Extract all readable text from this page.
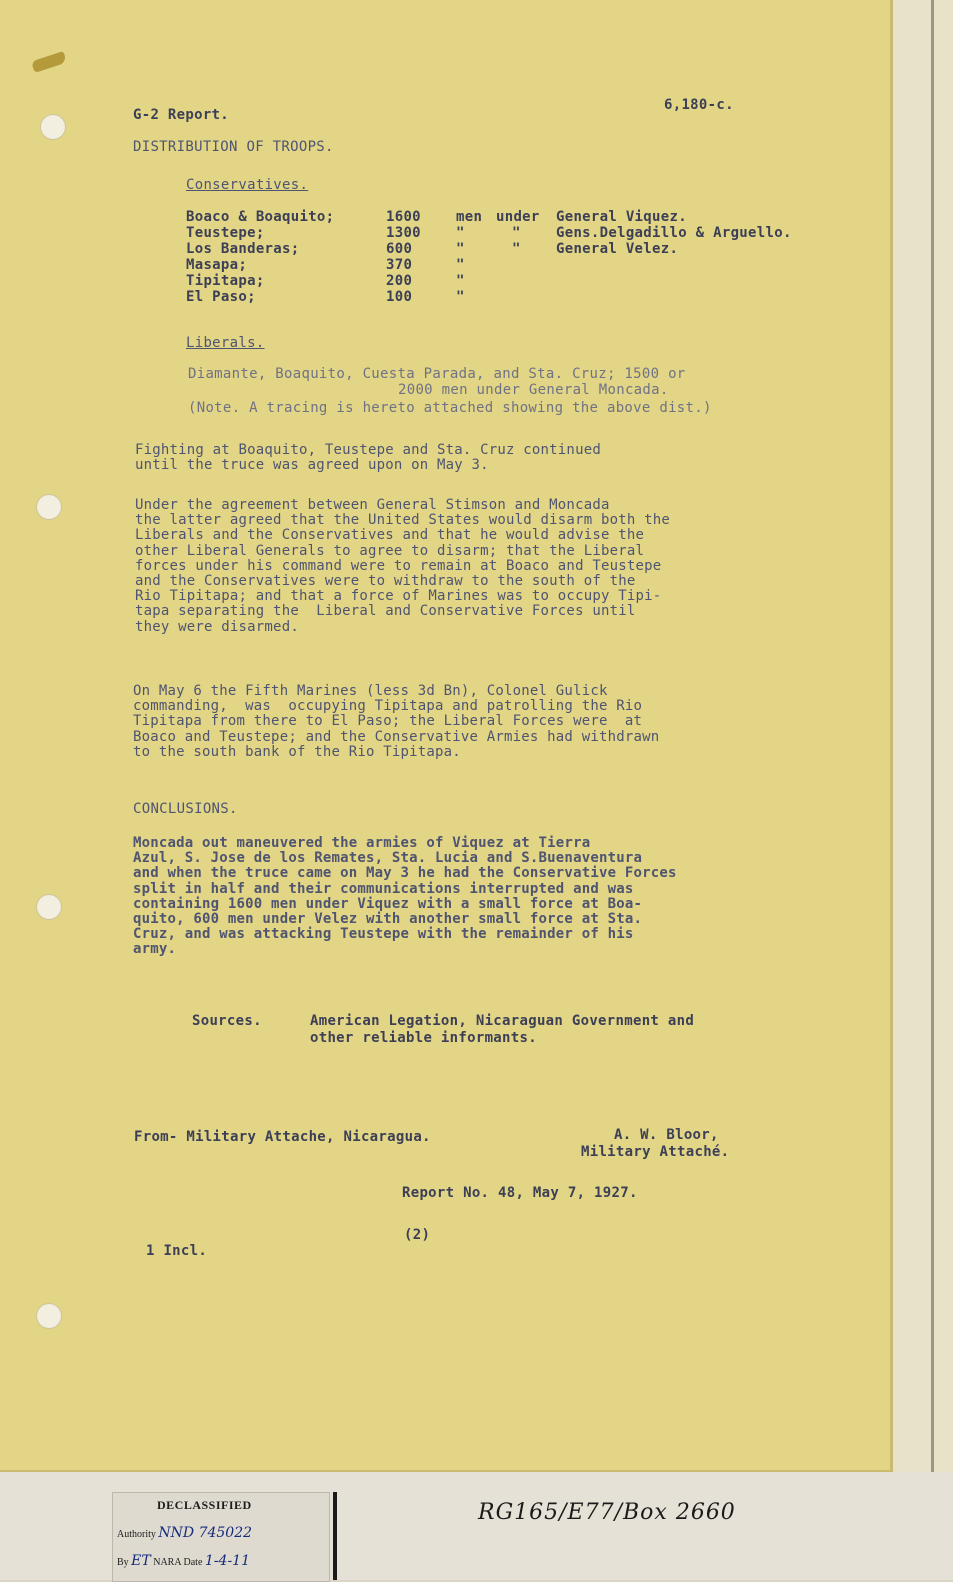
G-2 Report.
6,180-c.
DISTRIBUTION OF TROOPS.
Conservatives.
Boaco & Boaquito;	1600	men under General Viquez.
Teustepe;	1300	"	"	Gens.Delgadillo & Arguello.
Los Banderas;	600	"	"	General Velez.
Masapa;	370	"
Tipitapa;	200	"
El Paso;	100	"
Liberals.
Diamante, Boaquito, Cuesta Parada, and Sta. Cruz; 1500 or
2000 men under General Moncada.
(Note. A tracing is hereto attached showing the above dist.)
Fighting at Boaquito, Teustepe and Sta. Cruz continued
until the truce was agreed upon on May 3.
Under the agreement between General Stimson and Moncada
the latter agreed that the United States would disarm both the
Liberals and the Conservatives and that he would advise the
other Liberal Generals to agree to disarm; that the Liberal
forces under his command were to remain at Boaco and Teustepe
and the Conservatives were to withdraw to the south of the
Rio Tipitapa; and that a force of Marines was to occupy Tipi-
tapa separating the  Liberal and Conservative Forces until
they were disarmed.
On May 6 the Fifth Marines (less 3d Bn), Colonel Gulick
commanding,  was  occupying Tipitapa and patrolling the Rio
Tipitapa from there to El Paso; the Liberal Forces were  at
Boaco and Teustepe; and the Conservative Armies had withdrawn
to the south bank of the Rio Tipitapa.
CONCLUSIONS.
Moncada out maneuvered the armies of Viquez at Tierra
Azul, S. Jose de los Remates, Sta. Lucia and S.Buenaventura
and when the truce came on May 3 he had the Conservative Forces
split in half and their communications interrupted and was
containing 1600 men under Viquez with a small force at Boa-
quito, 600 men under Velez with another small force at Sta.
Cruz, and was attacking Teustepe with the remainder of his
army.
Sources.	American Legation, Nicaraguan Government and
other reliable informants.
From- Military Attache, Nicaragua.	A. W. Bloor,
Military Attaché.
Report No. 48, May 7, 1927.
(2)
1 Incl.
DECLASSIFIED
Authority NND 745022
By ET NARA Date 1-4-11
RG165/E77/Box 2660
